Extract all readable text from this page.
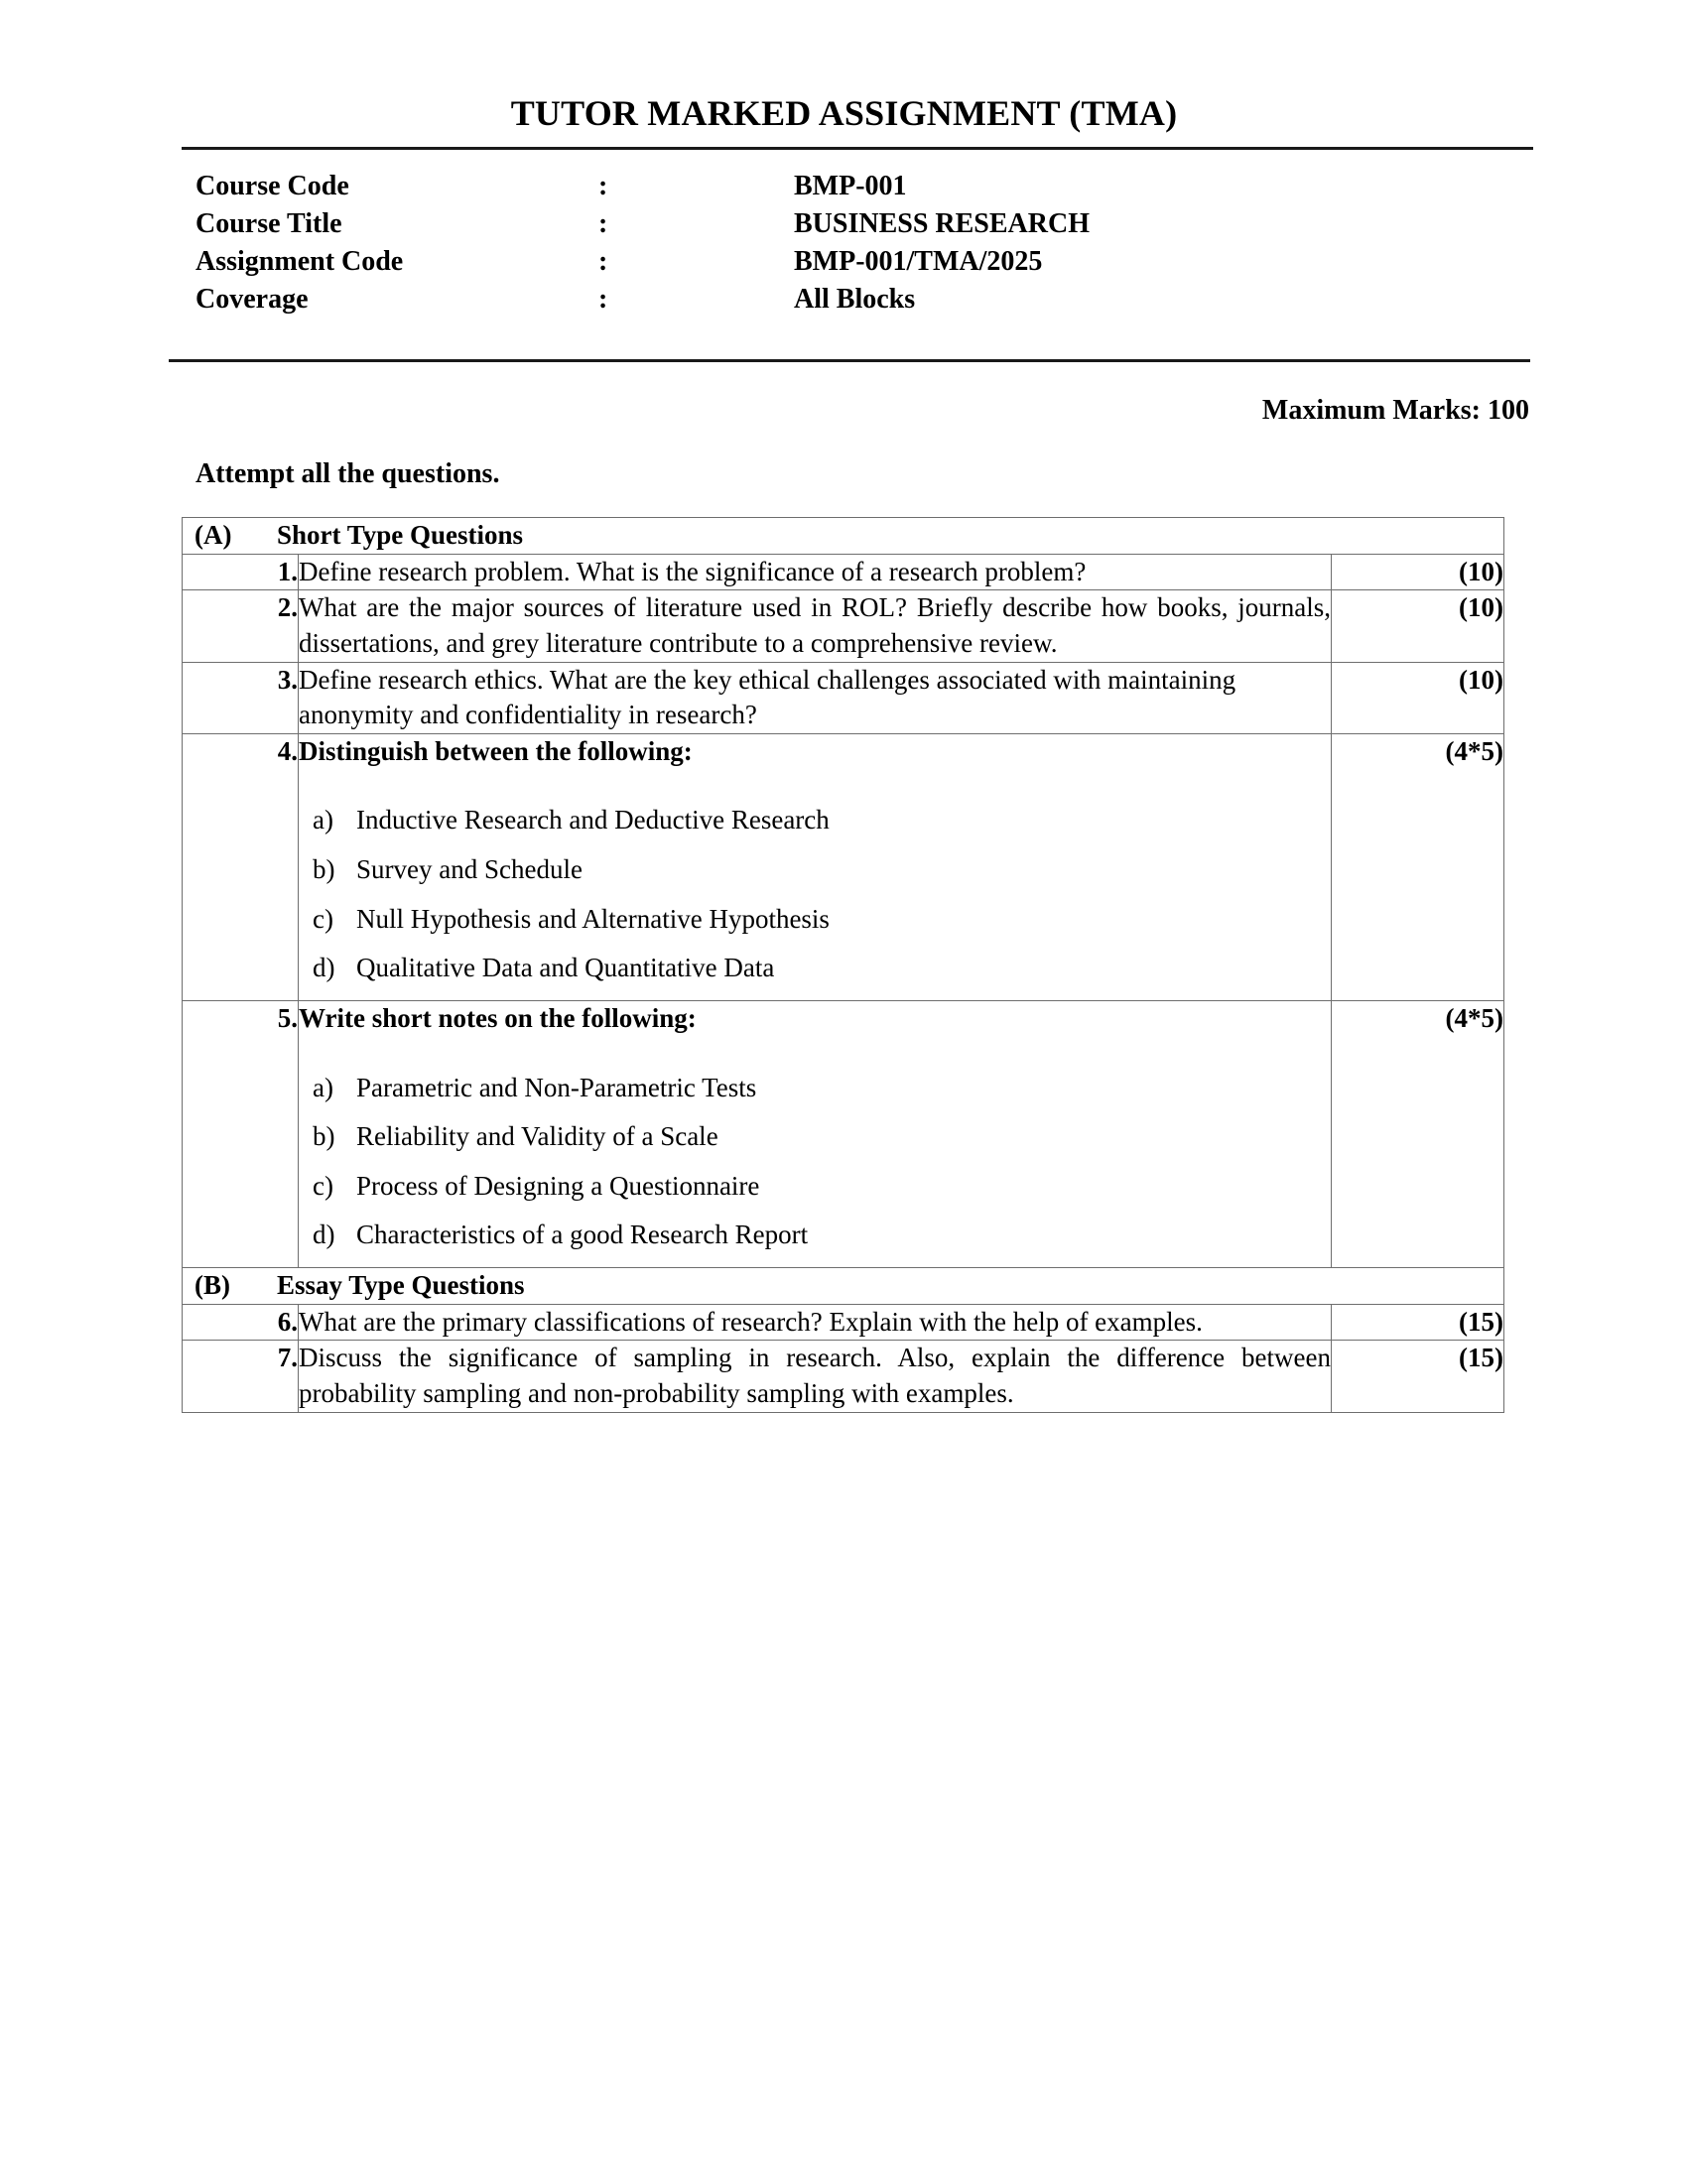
TUTOR MARKED ASSIGNMENT (TMA)
Course Code	:	BMP-001
Course Title	:	BUSINESS RESEARCH
Assignment Code	:	BMP-001/TMA/2025
Coverage	:	All Blocks
Maximum Marks: 100
Attempt all the questions.
(A) Short Type Questions		

1.	Define research problem. What is the significance of a research problem?	(10)
2.	What are the major sources of literature used in ROL? Briefly describe how books, journals, dissertations, and grey literature contribute to a comprehensive review.	(10)
3.	Define research ethics. What are the key ethical challenges associated with maintaining anonymity and confidentiality in research?	(10)
4.	Distinguish between the following:

a) Inductive Research and Deductive Research
b) Survey and Schedule
c) Null Hypothesis and Alternative Hypothesis
d) Qualitative Data and Quantitative Data
	(4*5)
5.	Write short notes on the following:

a) Parametric and Non-Parametric Tests
b) Reliability and Validity of a Scale
c) Process of Designing a Questionnaire
d) Characteristics of a good Research Report
	(4*5)

(B) Essay Type Questions		

6.	What are the primary classifications of research? Explain with the help of examples.	(15)
7.	Discuss the significance of sampling in research. Also, explain the difference between probability sampling and non-probability sampling with examples.	(15)
